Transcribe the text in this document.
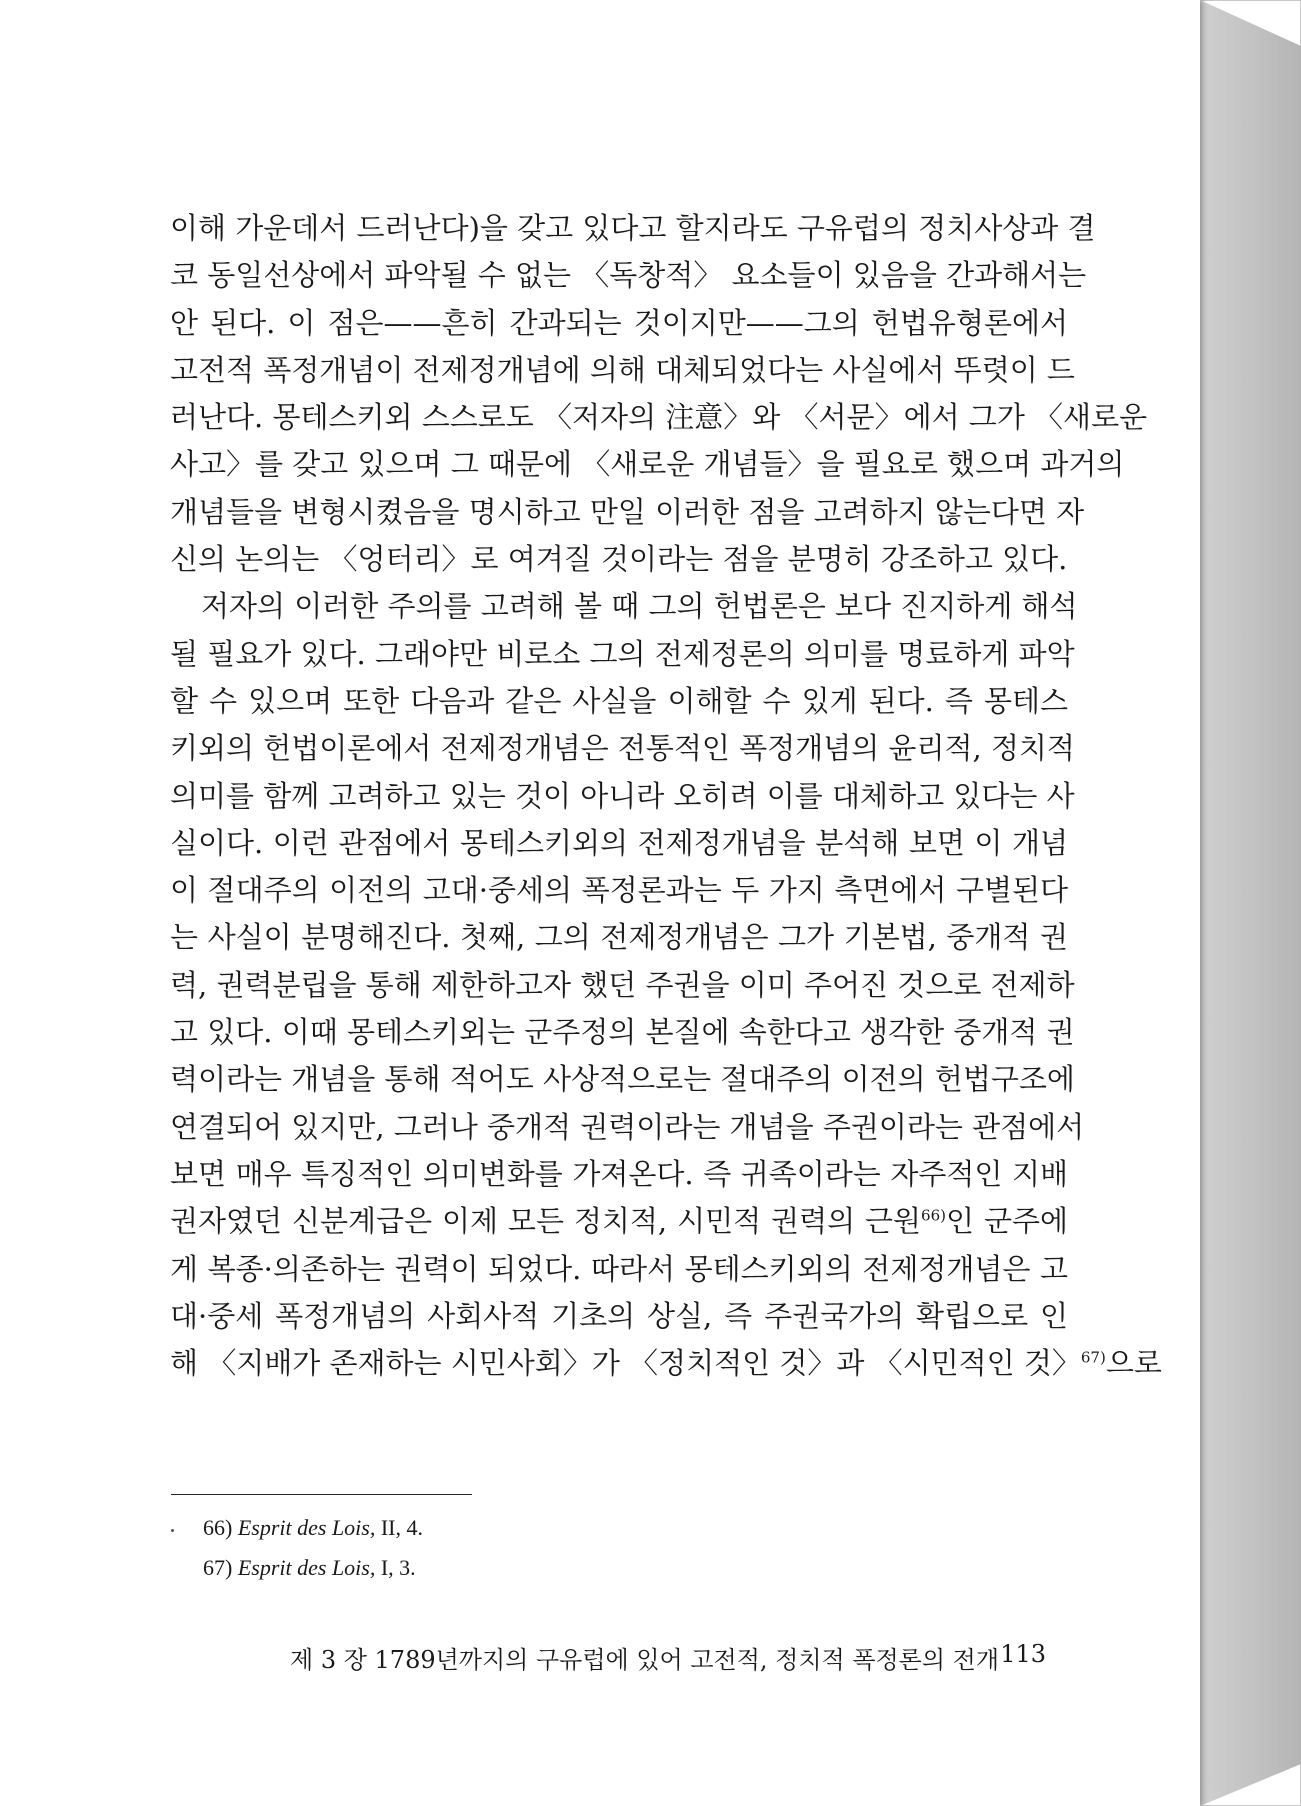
이해 가운데서 드러난다)을 갖고 있다고 할지라도 구유럽의 정치사상과 결
코 동일선상에서 파악될 수 없는 〈독창적〉 요소들이 있음을 간과해서는
안 된다. 이 점은——흔히 간과되는 것이지만——그의 헌법유형론에서
고전적 폭정개념이 전제정개념에 의해 대체되었다는 사실에서 뚜렷이 드
러난다. 몽테스키외 스스로도 〈저자의 注意〉와 〈서문〉에서 그가 〈새로운
사고〉를 갖고 있으며 그 때문에 〈새로운 개념들〉을 필요로 했으며 과거의
개념들을 변형시켰음을 명시하고 만일 이러한 점을 고려하지 않는다면 자
신의 논의는 〈엉터리〉로 여겨질 것이라는 점을 분명히 강조하고 있다.
저자의 이러한 주의를 고려해 볼 때 그의 헌법론은 보다 진지하게 해석
될 필요가 있다. 그래야만 비로소 그의 전제정론의 의미를 명료하게 파악
할 수 있으며 또한 다음과 같은 사실을 이해할 수 있게 된다. 즉 몽테스
키외의 헌법이론에서 전제정개념은 전통적인 폭정개념의 윤리적, 정치적
의미를 함께 고려하고 있는 것이 아니라 오히려 이를 대체하고 있다는 사
실이다. 이런 관점에서 몽테스키외의 전제정개념을 분석해 보면 이 개념
이 절대주의 이전의 고대·중세의 폭정론과는 두 가지 측면에서 구별된다
는 사실이 분명해진다. 첫째, 그의 전제정개념은 그가 기본법, 중개적 권
력, 권력분립을 통해 제한하고자 했던 주권을 이미 주어진 것으로 전제하
고 있다. 이때 몽테스키외는 군주정의 본질에 속한다고 생각한 중개적 권
력이라는 개념을 통해 적어도 사상적으로는 절대주의 이전의 헌법구조에
연결되어 있지만, 그러나 중개적 권력이라는 개념을 주권이라는 관점에서
보면 매우 특징적인 의미변화를 가져온다. 즉 귀족이라는 자주적인 지배
권자였던 신분계급은 이제 모든 정치적, 시민적 권력의 근원$^{66)}$인 군주에
게 복종·의존하는 권력이 되었다. 따라서 몽테스키외의 전제정개념은 고
대·중세 폭정개념의 사회사적 기초의 상실, 즉 주권국가의 확립으로 인
해 〈지배가 존재하는 시민사회〉가 〈정치적인 것〉과 〈시민적인 것〉$^{67)}$으로
66) Esprit des Lois, II, 4.
67) Esprit des Lois, I, 3.
제 3 장 1789년까지의 구유럽에 있어 고전적, 정치적 폭정론의 전개 113
